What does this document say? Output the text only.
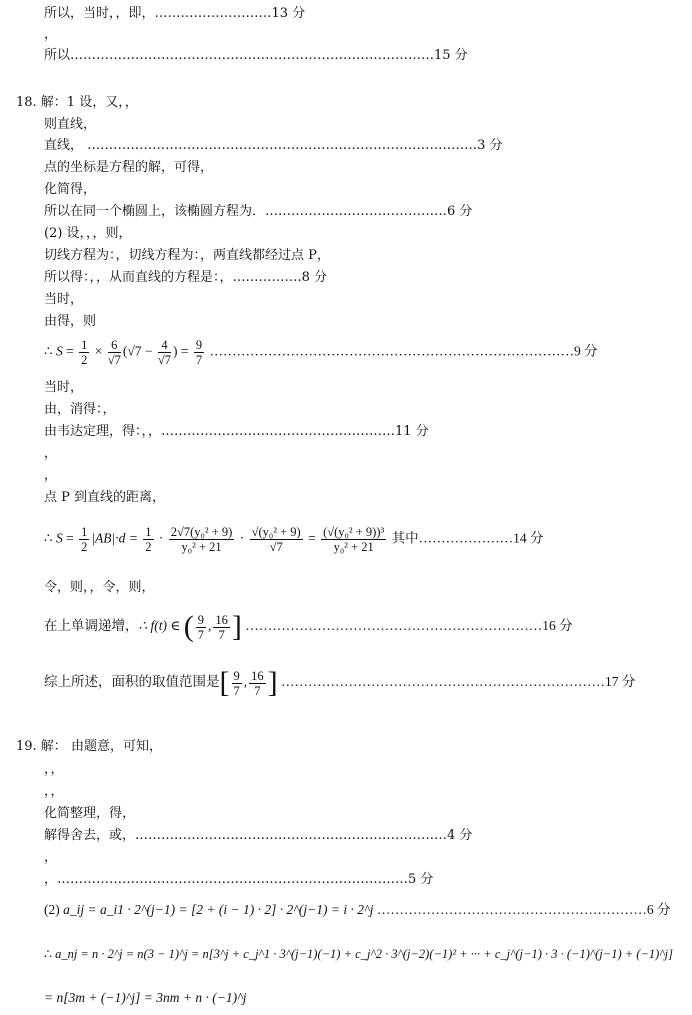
所以，当时，，即，………………………13 分
，
所以…………………………………………………………………………15 分
18. 解：1 设，又，，
则直线，
直线， ………………………………………………………………………………3 分
点的坐标是方程的解，可得，
化简得，
所以在同一个椭圆上，该椭圆方程为．……………………………………6 分
(2) 设，，，则，
切线方程为：，切线方程为：，两直线都经过点 P，
所以得：，，从而直线的方程是：，…………….8 分
当时，
由得，则
∴ $S = \frac{1}{2} \times \frac{6}{√7} (√7 - \frac{4}{√7}$ ) = $\frac{9}{7}$ ………………………………………………………………………9 分
当时，
由，消得：，
由韦达定理，得：，，………………………………………………11 分
，
，
点 P 到直线的距离，
∴ $S = \frac{1}{2} |AB|\cdot d = \frac{1}{2} \cdot \frac{\text{2√7(y₀² + 9)}}{\text{y₀² + 21}} \cdot \frac{\text{√(y₀² + 9)}}{√7} = \frac{\text{(√(y₀² + 9))³}}{\text{y₀² + 21}}$ 其中…………………14 分
令，则，，令，则，
在上单调递增，∴ f(t) ∈ ( $\frac{9}{7}$ , $\frac{16}{7}$ ] …………………………………………………………16 分
综上所述，面积的取值范围是[ $\frac{9}{7}$ , $\frac{16}{7}$ ] ………………………………………………………………17 分
19. 解： 由题意，可知，
，，
，，
化简整理，得，
解得舍去，或，………………………………………………………………4 分
，
，………………………………………………………………………5 分
(2) a_ij = a_i1 · 2^(j−1) = [2 + (i − 1) · 2] · 2^(j−1) = i · 2^j ……………………………………………………6 分
∴ a_nj = n · 2^j = n(3 − 1)^j = n[3^j + c_j^1 · 3^(j−1)(−1) + c_j^2 · 3^(j−2)(−1)² + ··· + c_j^(j−1) · 3 · (−1)^(j−1) + (−1)^j]
= n[3m + (−1)^j] = 3nm + n · (−1)^j
